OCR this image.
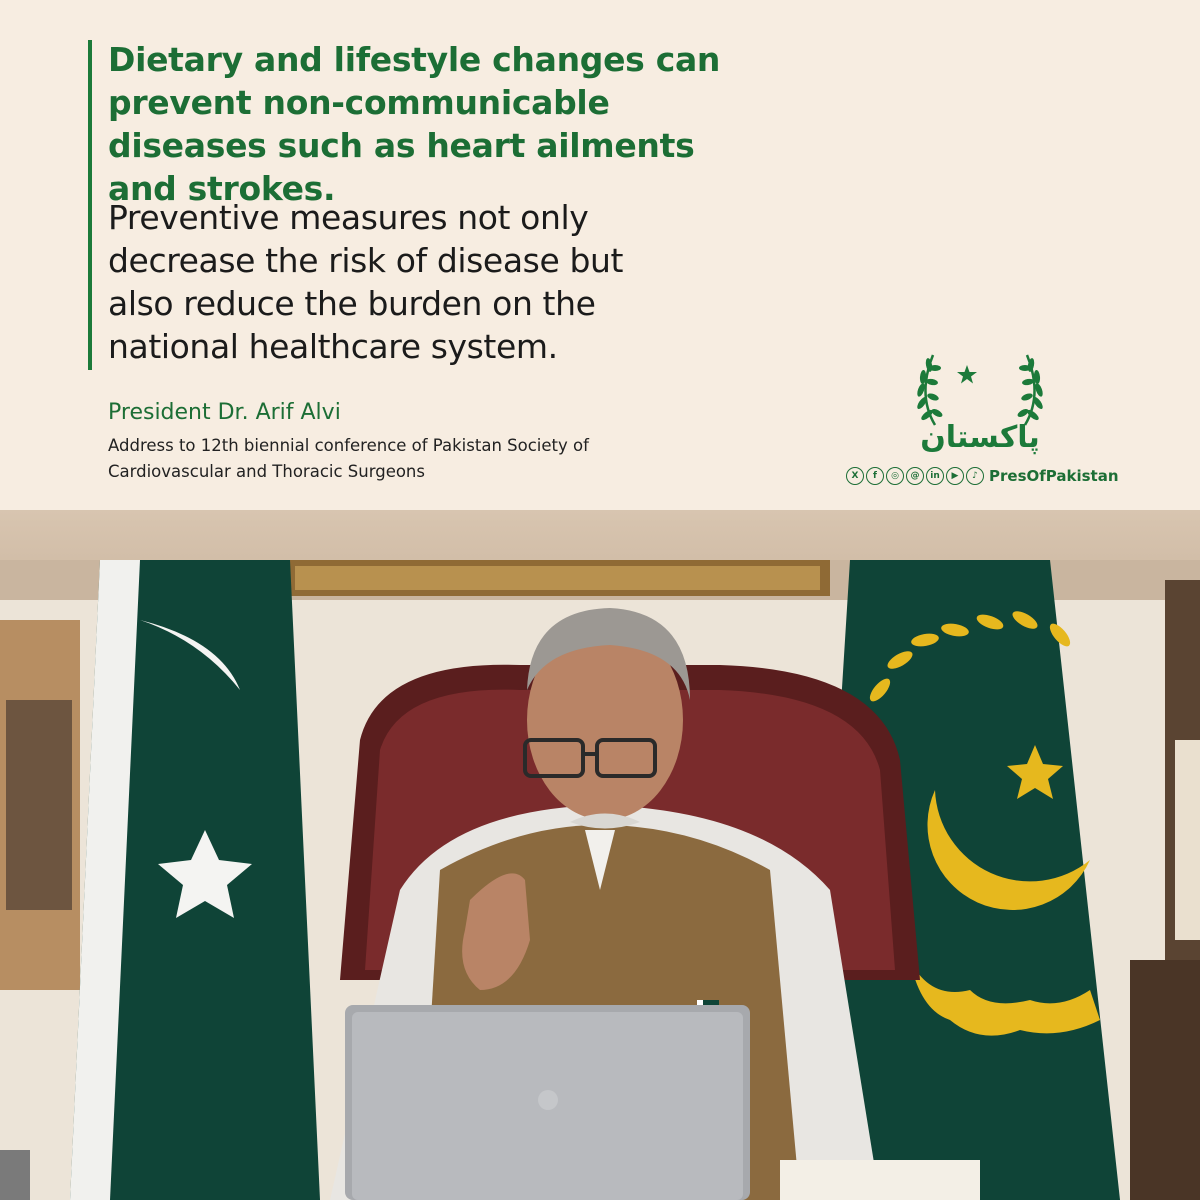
Dietary and lifestyle changes can prevent non-communicable diseases such as heart ailments and strokes.
Preventive measures not only decrease the risk of disease but also reduce the burden on the national healthcare system.
President Dr. Arif Alvi
Address to 12th biennial conference of Pakistan Society of Cardiovascular and Thoracic Surgeons
پاکستان
X	f	◎	@	in	▶	♪ PresOfPakistan
